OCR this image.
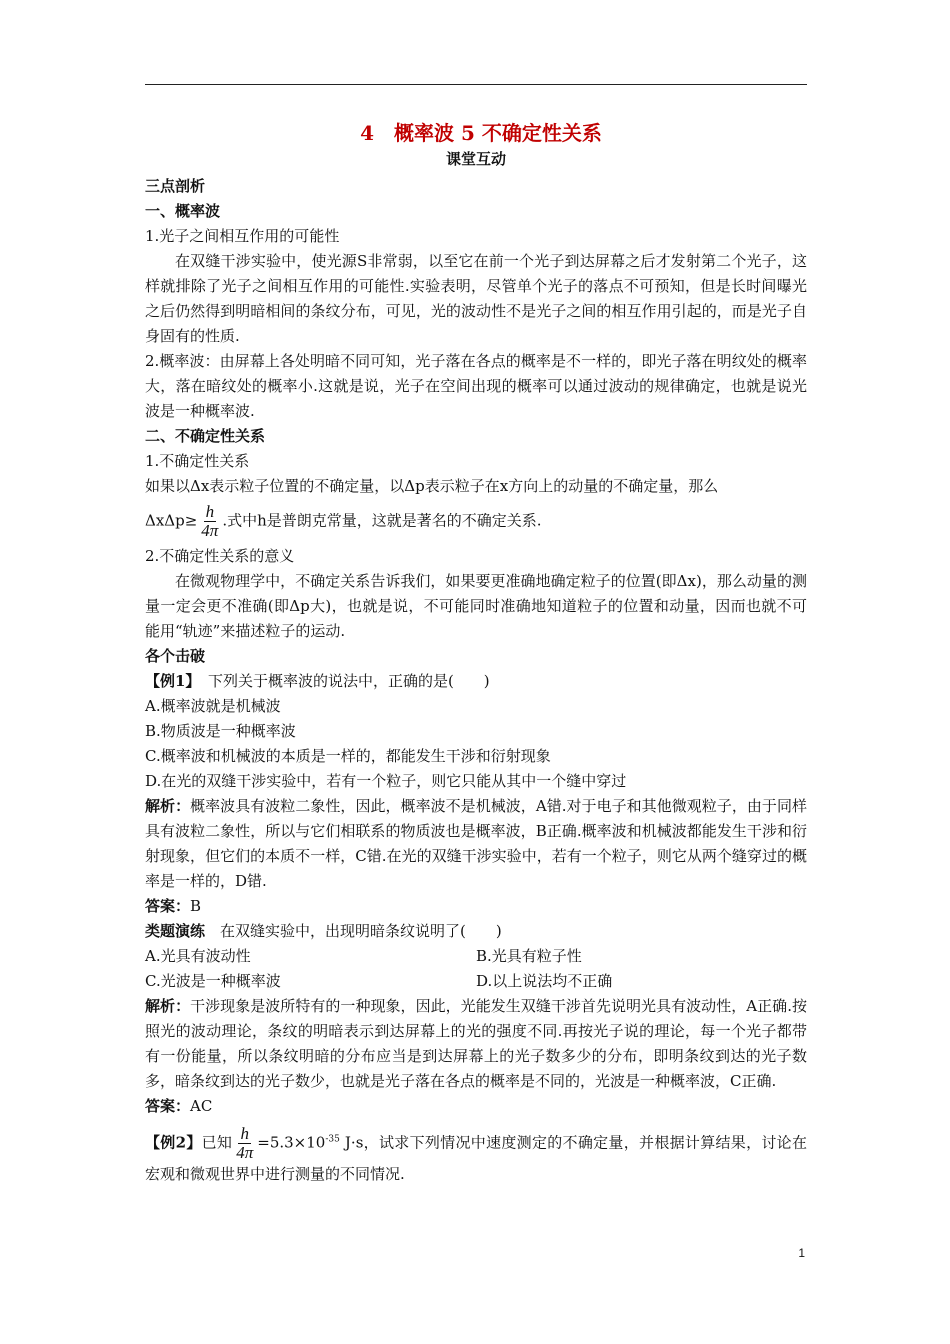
4　概率波 5 不确定性关系
课堂互动
三点剖析
一、概率波

1.光子之间相互作用的可能性

在双缝干涉实验中，使光源S非常弱，以至它在前一个光子到达屏幕之后才发射第二个光子，这样就排除了光子之间相互作用的可能性.实验表明，尽管单个光子的落点不可预知，但是长时间曝光之后仍然得到明暗相间的条纹分布，可见，光的波动性不是光子之间的相互作用引起的，而是光子自身固有的性质.

2.概率波：由屏幕上各处明暗不同可知，光子落在各点的概率是不一样的，即光子落在明纹处的概率大，落在暗纹处的概率小.这就是说，光子在空间出现的概率可以通过波动的规律确定，也就是说光波是一种概率波.

二、不确定性关系

1.不确定性关系

如果以Δx表示粒子位置的不确定量，以Δp表示粒子在x方向上的动量的不确定量，那么

$\Delta x\Delta p\ge \frac{h}{4\pi}$ .式中h是普朗克常量，这就是著名的不确定关系.

2.不确定性关系的意义

在微观物理学中，不确定关系告诉我们，如果要更准确地确定粒子的位置(即Δx)，那么动量的测量一定会更不准确(即Δp大)，也就是说，不可能同时准确地知道粒子的位置和动量，因而也就不可能用“轨迹”来描述粒子的运动.

各个击破

【例1】　下列关于概率波的说法中，正确的是(　　)

A.概率波就是机械波

B.物质波是一种概率波

C.概率波和机械波的本质是一样的，都能发生干涉和衍射现象

D.在光的双缝干涉实验中，若有一个粒子，则它只能从其中一个缝中穿过

解析：概率波具有波粒二象性，因此，概率波不是机械波，A错.对于电子和其他微观粒子，由于同样具有波粒二象性，所以与它们相联系的物质波也是概率波，B正确.概率波和机械波都能发生干涉和衍射现象，但它们的本质不一样，C错.在光的双缝干涉实验中，若有一个粒子，则它从两个缝穿过的概率是一样的，D错.

答案：B

类题演练　在双缝实验中，出现明暗条纹说明了(　　)

A.光具有波动性	B.光具有粒子性
C.光波是一种概率波	D.以上说法均不正确

解析：干涉现象是波所特有的一种现象，因此，光能发生双缝干涉首先说明光具有波动性，A正确.按照光的波动理论，条纹的明暗表示到达屏幕上的光的强度不同.再按光子说的理论，每一个光子都带有一份能量，所以条纹明暗的分布应当是到达屏幕上的光子数多少的分布，即明条纹到达的光子数多，暗条纹到达的光子数少，也就是光子落在各点的概率是不同的，光波是一种概率波，C正确.

答案：AC

【例2】已知 $\frac{h}{4\pi} =5.3\times 10^{-35}$ J·s，试求下列情况中速度测定的不确定量，并根据计算结果，讨论在宏观和微观世界中进行测量的不同情况.

1
